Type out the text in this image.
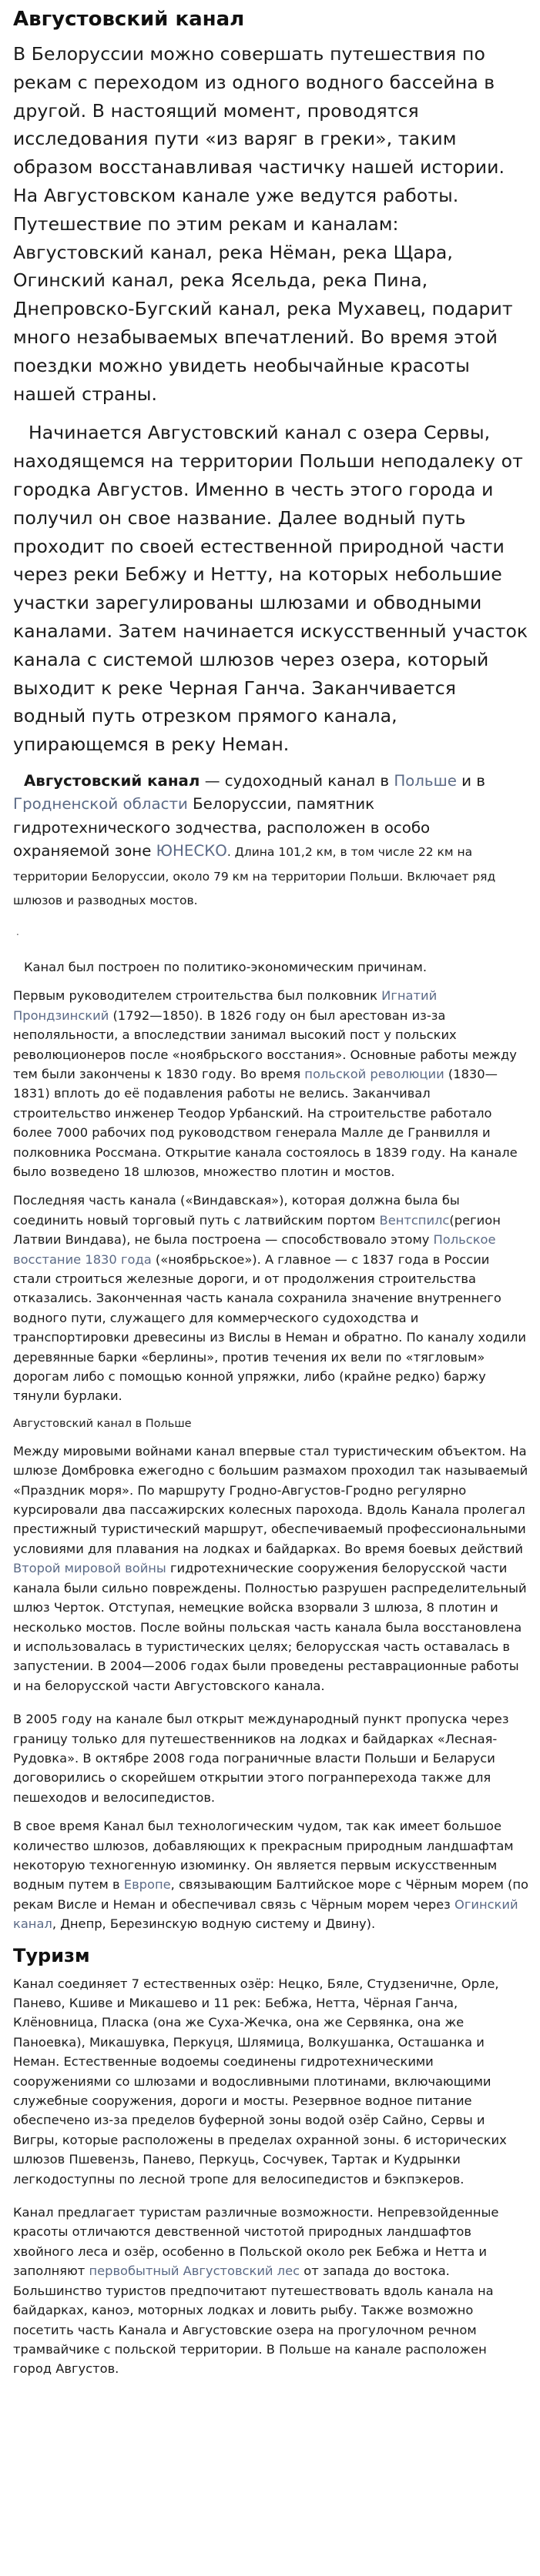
Августовский канал

В Белоруссии можно совершать путешествия по рекам с переходом из одного водного бассейна в другой. В настоящий момент, проводятся исследования пути «из варяг в греки», таким образом восстанавливая частичку нашей истории. На Августовском канале уже ведутся работы. Путешествие по этим рекам и каналам: Августовский канал, река Нёман, река Щара, Огинский канал, река Ясельда, река Пина, Днепровско-Бугский канал, река Мухавец, подарит много незабываемых впечатлений. Во время этой поездки можно увидеть необычайные красоты нашей страны.

Начинается Августовский канал с озера Сервы, находящемся на территории Польши неподалеку от городка Августов. Именно в честь этого города и получил он свое название. Далее водный путь проходит по своей естественной природной части через реки Бебжу и Нетту, на которых небольшие участки зарегулированы шлюзами и обводными каналами. Затем начинается искусственный участок канала с системой шлюзов через озера, который выходит к реке Черная Ганча. Заканчивается водный путь отрезком прямого канала, упирающемся в реку Неман.

Августовский канал — судоходный канал в Польше и в Гродненской области Белоруссии, памятник гидротехнического зодчества, расположен в особо охраняемой зоне ЮНЕСКО. Длина 101,2 км, в том числе 22 км на территории Белоруссии, около 79 км на территории Польши. Включает ряд шлюзов и разводных мостов.

.

Канал был построен по политико-экономическим причинам.

Первым руководителем строительства был полковник Игнатий Прондзинский (1792—1850). В 1826 году он был арестован из-за неполяльности, а впоследствии занимал высокий пост у польских революционеров после «ноябрьского восстания». Основные работы между тем были закончены к 1830 году. Во время польской революции (1830—1831) вплоть до её подавления работы не велись. Заканчивал строительство инженер Теодор Урбанский. На строительстве работало более 7000 рабочих под руководством генерала Малле де Гранвилля и полковника Россмана. Открытие канала состоялось в 1839 году. На канале было возведено 18 шлюзов, множество плотин и мостов.

Последняя часть канала («Виндавская»), которая должна была бы соединить новый торговый путь с латвийским портом Вентспилс(регион Латвии Виндава), не была построена — способствовало этому Польское восстание 1830 года («ноябрьское»). А главное — с 1837 года в России стали строиться железные дороги, и от продолжения строительства отказались. Законченная часть канала сохранила значение внутреннего водного пути, служащего для коммерческого судоходства и транспортировки древесины из Вислы в Неман и обратно. По каналу ходили деревянные барки «берлины», против течения их вели по «тягловым» дорогам либо с помощью конной упряжки, либо (крайне редко) баржу тянули бурлаки.

Августовский канал в Польше

Между мировыми войнами канал впервые стал туристическим объектом. На шлюзе Домбровка ежегодно с большим размахом проходил так называемый «Праздник моря». По маршруту Гродно-Августов-Гродно регулярно курсировали два пассажирских колесных парохода. Вдоль Канала пролегал престижный туристический маршрут, обеспечиваемый профессиональными условиями для плавания на лодках и байдарках. Во время боевых действий Второй мировой войны гидротехнические сооружения белорусской части канала были сильно повреждены. Полностью разрушен распределительный шлюз Черток. Отступая, немецкие войска взорвали 3 шлюза, 8 плотин и несколько мостов. После войны польская часть канала была восстановлена и использовалась в туристических целях; белорусская часть оставалась в запустении. В 2004—2006 годах были проведены реставрационные работы и на белорусской части Августовского канала.

В 2005 году на канале был открыт международный пункт пропуска через границу только для путешественников на лодках и байдарках «Лесная-Рудовка». В октябре 2008 года пограничные власти Польши и Беларуси договорились о скорейшем открытии этого погранперехода также для пешеходов и велосипедистов.

В свое время Канал был технологическим чудом, так как имеет большое количество шлюзов, добавляющих к прекрасным природным ландшафтам некоторую техногенную изюминку. Он является первым искусственным водным путем в Европе, связывающим Балтийское море с Чёрным морем (по рекам Висле и Неман и обеспечивал связь с Чёрным морем через Огинский канал, Днепр, Березинскую водную систему и Двину).

Туризм

Канал соединяет 7 естественных озёр: Нецко, Бяле, Студзеничне, Орле, Панево, Кшиве и Микашево и 11 рек: Бебжа, Нетта, Чёрная Ганча, Клёновница, Пласка (она же Суха-Жечка, она же Сервянка, она же Паноевка), Микашувка, Перкуця, Шлямица, Волкушанка, Осташанка и Неман. Естественные водоемы соединены гидротехническими сооружениями со шлюзами и водосливными плотинами, включающими служебные сооружения, дороги и мосты. Резервное водное питание обеспечено из-за пределов буферной зоны водой озёр Сайно, Сервы и Вигры, которые расположены в пределах охранной зоны. 6 исторических шлюзов Пшевензь, Панево, Перкуць, Сосчувек, Тартак и Кудрынки легкодоступны по лесной тропе для велосипедистов и бэкпэкеров.

Канал предлагает туристам различные возможности. Непревзойденные красоты отличаются девственной чистотой природных ландшафтов хвойного леса и озёр, особенно в Польской около рек Бебжа и Нетта и заполняют первобытный Августовский лес от запада до востока. Большинство туристов предпочитают путешествовать вдоль канала на байдарках, каноэ, моторных лодках и ловить рыбу. Также возможно посетить часть Канала и Августовские озера на прогулочном речном трамвайчике с польской территории. В Польше на канале расположен город Августов.
